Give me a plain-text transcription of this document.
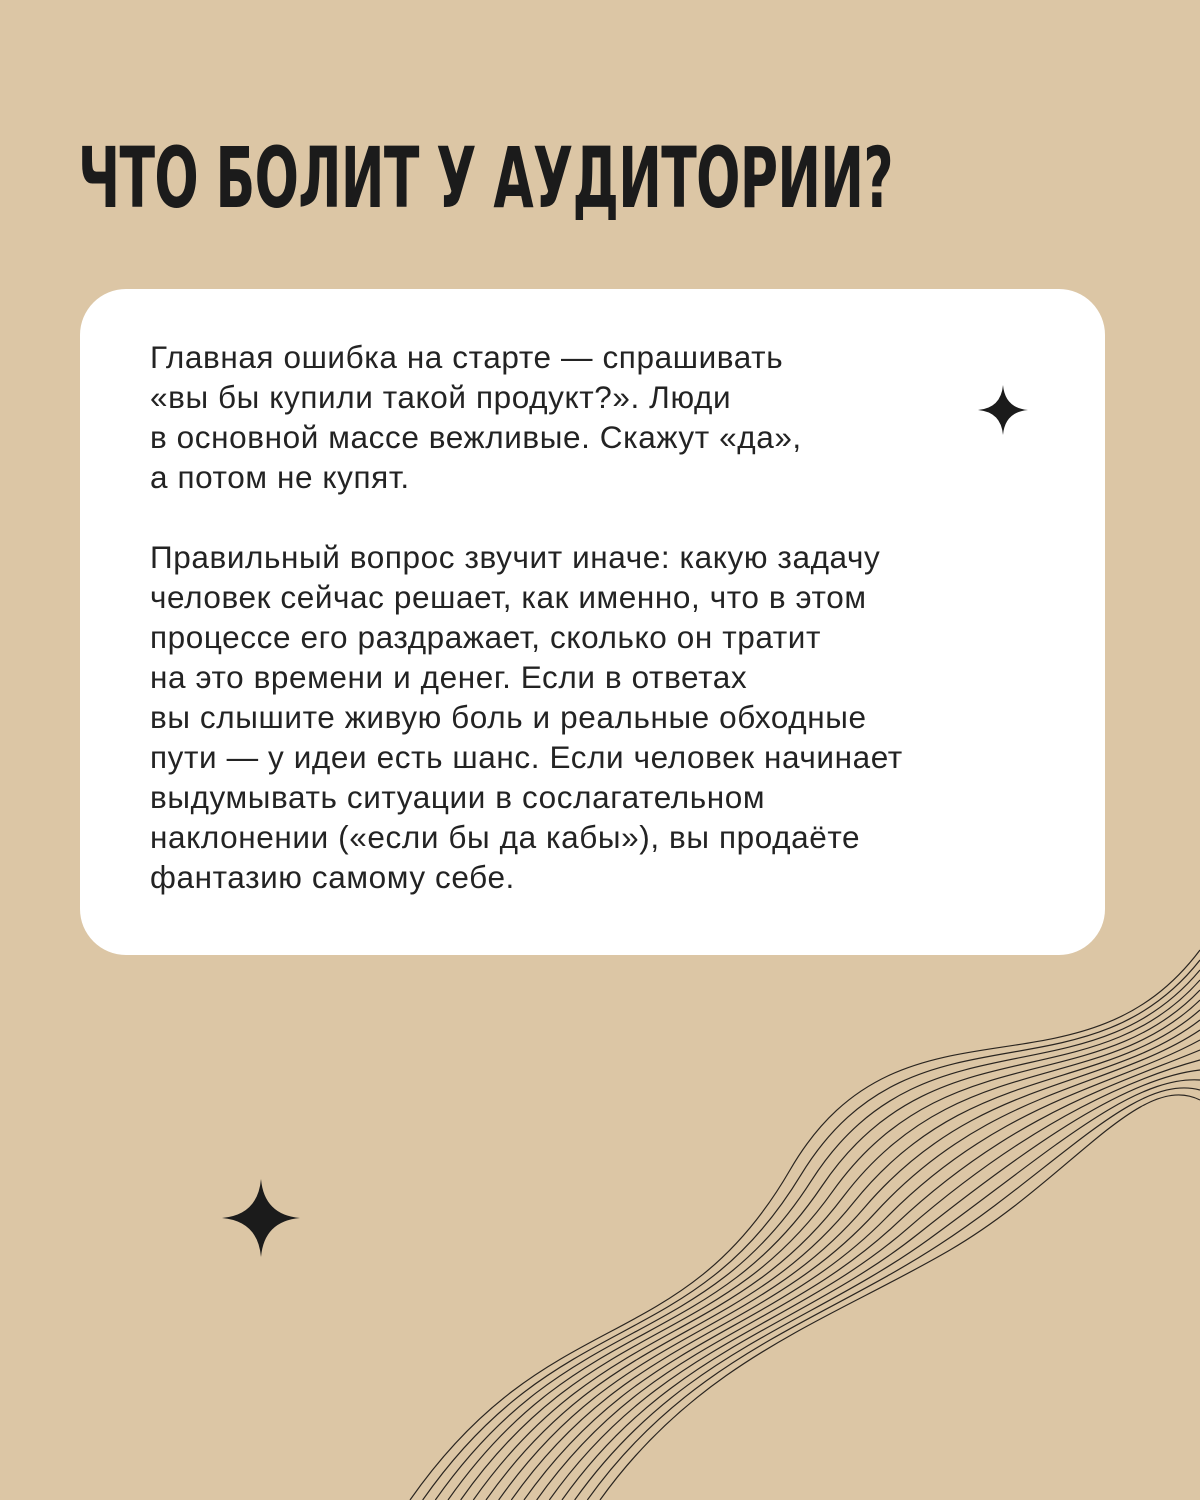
ЧТО БОЛИТ У АУДИТОРИИ?

Главная ошибка на старте — спрашивать
«вы бы купили такой продукт?». Люди
в основной массе вежливые. Скажут «да»,
а потом не купят.

Правильный вопрос звучит иначе: какую задачу
человек сейчас решает, как именно, что в этом
процессе его раздражает, сколько он тратит
на это времени и денег. Если в ответах
вы слышите живую боль и реальные обходные
пути — у идеи есть шанс. Если человек начинает
выдумывать ситуации в сослагательном
наклонении («если бы да кабы»), вы продаёте
фантазию самому себе.
